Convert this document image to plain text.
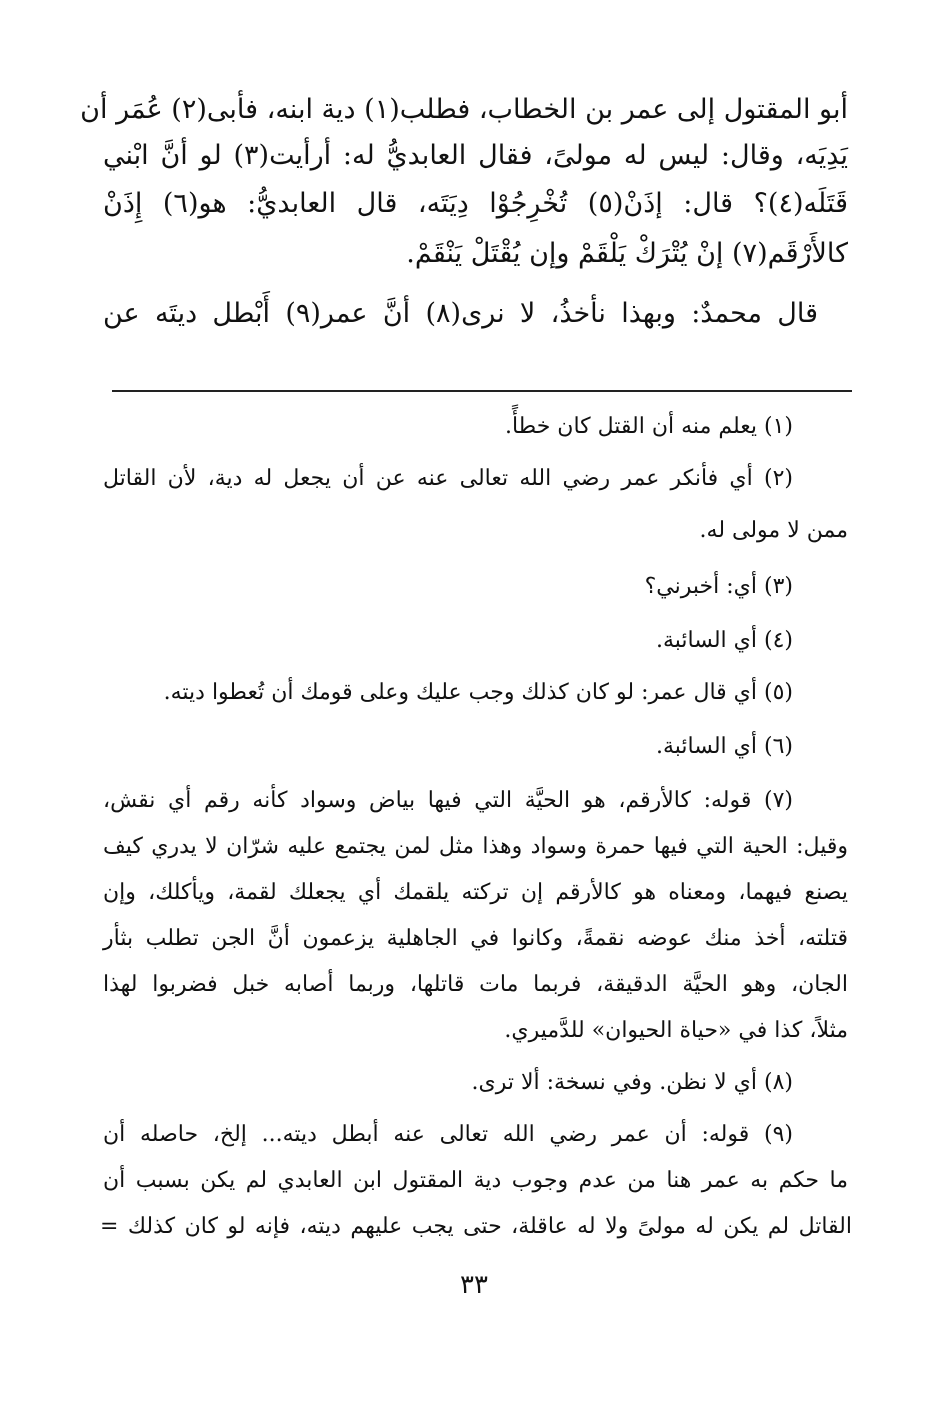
أبو المقتول إلى عمر بن الخطاب، فطلب(١) دية ابنه، فأبى(٢) عُمَر أن
يَدِيَه، وقال: ليس له مولىً، فقال العابديُّ له: أرأيت(٣) لو أنَّ ابْني
قَتَلَه(٤)؟ قال: إذَنْ(٥) تُخْرِجُوْا دِيَتَه، قال العابديُّ: هو(٦) إِذَنْ
كالأَرْقَم(٧) إنْ يُتْرَكْ يَلْقَمْ وإن يُقْتَلْ يَنْقَمْ.
قال محمدٌ: وبهذا نأخذُ، لا نرى(٨) أنَّ عمر(٩) أَبْطل ديتَه عن
(١) يعلم منه أن القتل كان خطأً.
(٢) أي فأنكر عمر رضي الله تعالى عنه عن أن يجعل له دية، لأن القاتل
ممن لا مولى له.
(٣) أي: أخبرني؟
(٤) أي السائبة.
(٥) أي قال عمر: لو كان كذلك وجب عليك وعلى قومك أن تُعطوا ديته.
(٦) أي السائبة.
(٧) قوله: كالأرقم، هو الحيَّة التي فيها بياض وسواد كأنه رقم أي نقش،
وقيل: الحية التي فيها حمرة وسواد وهذا مثل لمن يجتمع عليه شرّان لا يدري كيف
يصنع فيهما، ومعناه هو كالأرقم إن تركته يلقمك أي يجعلك لقمة، ويأكلك، وإن
قتلته، أخذ منك عوضه نقمةً، وكانوا في الجاهلية يزعمون أنَّ الجن تطلب بثأر
الجان، وهو الحيَّة الدقيقة، فربما مات قاتلها، وربما أصابه خبل فضربوا لهذا
مثلاً، كذا في «حياة الحيوان» للدَّميري.
(٨) أي لا نظن. وفي نسخة: ألا ترى.
(٩) قوله: أن عمر رضي الله تعالى عنه أبطل ديته... إلخ، حاصله أن
ما حكم به عمر هنا من عدم وجوب دية المقتول ابن العابدي لم يكن بسبب أن
القاتل لم يكن له مولىً ولا له عاقلة، حتى يجب عليهم ديته، فإنه لو كان كذلك =
٣٣
